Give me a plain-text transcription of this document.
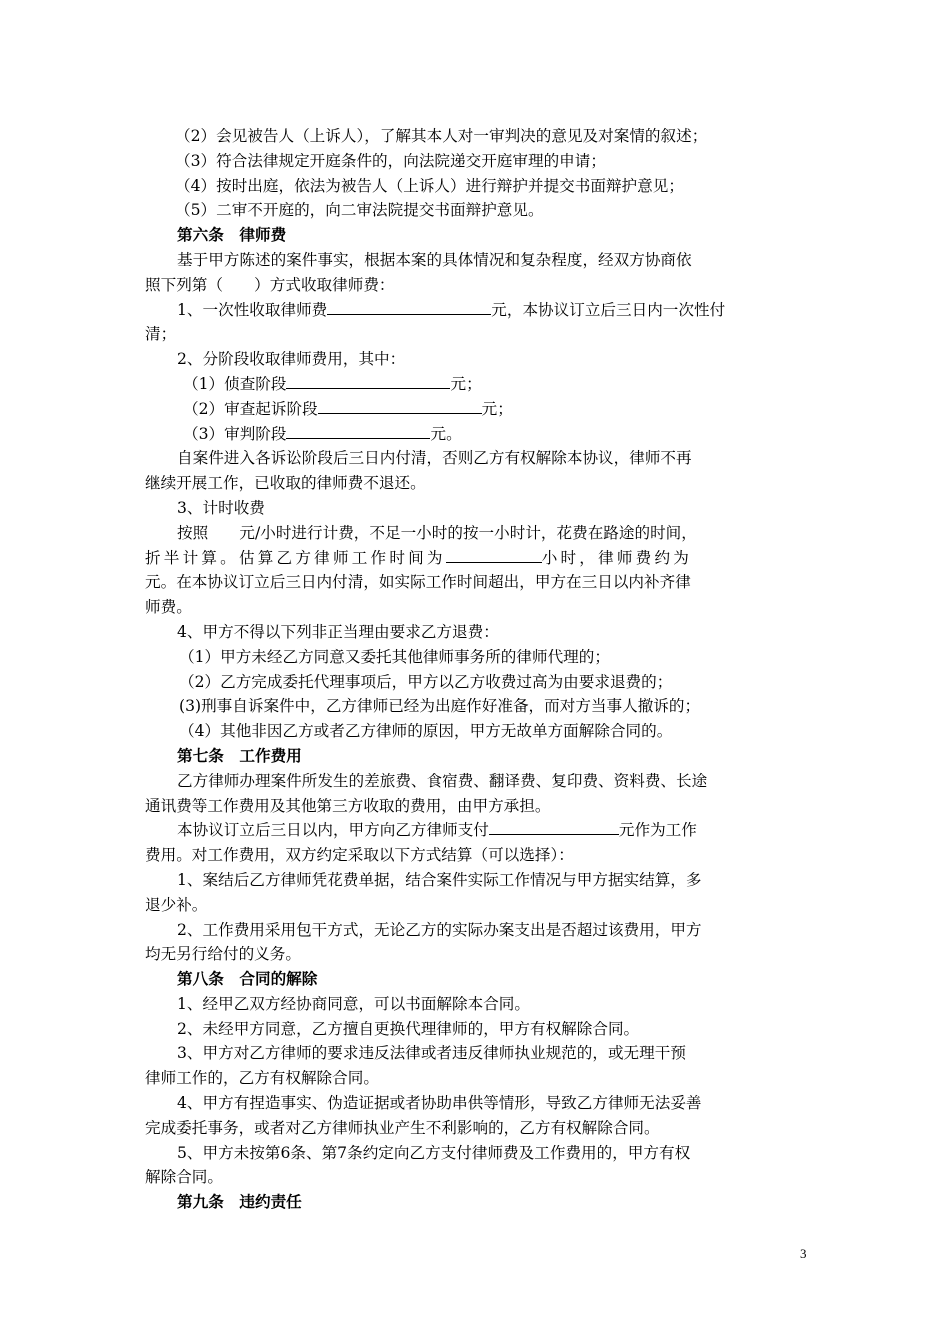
（2）会见被告人（上诉人），了解其本人对一审判决的意见及对案情的叙述；
（3）符合法律规定开庭条件的，向法院递交开庭审理的申请；
（4）按时出庭，依法为被告人（上诉人）进行辩护并提交书面辩护意见；
（5）二审不开庭的，向二审法院提交书面辩护意见。
第六条　律师费
基于甲方陈述的案件事实，根据本案的具体情况和复杂程度，经双方协商依
照下列第（　　）方式收取律师费：
1、一次性收取律师费	元，本协议订立后三日内一次性付
清；
2、分阶段收取律师费用，其中：
（1）侦查阶段	元；
（2）审查起诉阶段	元；
（3）审判阶段	元。
自案件进入各诉讼阶段后三日内付清，否则乙方有权解除本协议，律师不再
继续开展工作，已收取的律师费不退还。
3、计时收费
按照　　元/小时进行计费，不足一小时的按一小时计，花费在路途的时间，
折半计算。估算乙方律师工作时间为	小时，律师费约为
元。在本协议订立后三日内付清，如实际工作时间超出，甲方在三日以内补齐律
师费。
4、甲方不得以下列非正当理由要求乙方退费：
（1）甲方未经乙方同意又委托其他律师事务所的律师代理的；
（2）乙方完成委托代理事项后，甲方以乙方收费过高为由要求退费的；
(3)刑事自诉案件中，乙方律师已经为出庭作好准备，而对方当事人撤诉的；
（4）其他非因乙方或者乙方律师的原因，甲方无故单方面解除合同的。
第七条　工作费用
乙方律师办理案件所发生的差旅费、食宿费、翻译费、复印费、资料费、长途
通讯费等工作费用及其他第三方收取的费用，由甲方承担。
本协议订立后三日以内，甲方向乙方律师支付	元作为工作
费用。对工作费用，双方约定采取以下方式结算（可以选择）：
1、案结后乙方律师凭花费单据，结合案件实际工作情况与甲方据实结算，多
退少补。
2、工作费用采用包干方式，无论乙方的实际办案支出是否超过该费用，甲方
均无另行给付的义务。
第八条　合同的解除
1、经甲乙双方经协商同意，可以书面解除本合同。
2、未经甲方同意，乙方擅自更换代理律师的，甲方有权解除合同。
3、甲方对乙方律师的要求违反法律或者违反律师执业规范的，或无理干预
律师工作的，乙方有权解除合同。
4、甲方有捏造事实、伪造证据或者协助串供等情形，导致乙方律师无法妥善
完成委托事务，或者对乙方律师执业产生不利影响的，乙方有权解除合同。
5、甲方未按第6条、第7条约定向乙方支付律师费及工作费用的，甲方有权
解除合同。
第九条　违约责任
3
